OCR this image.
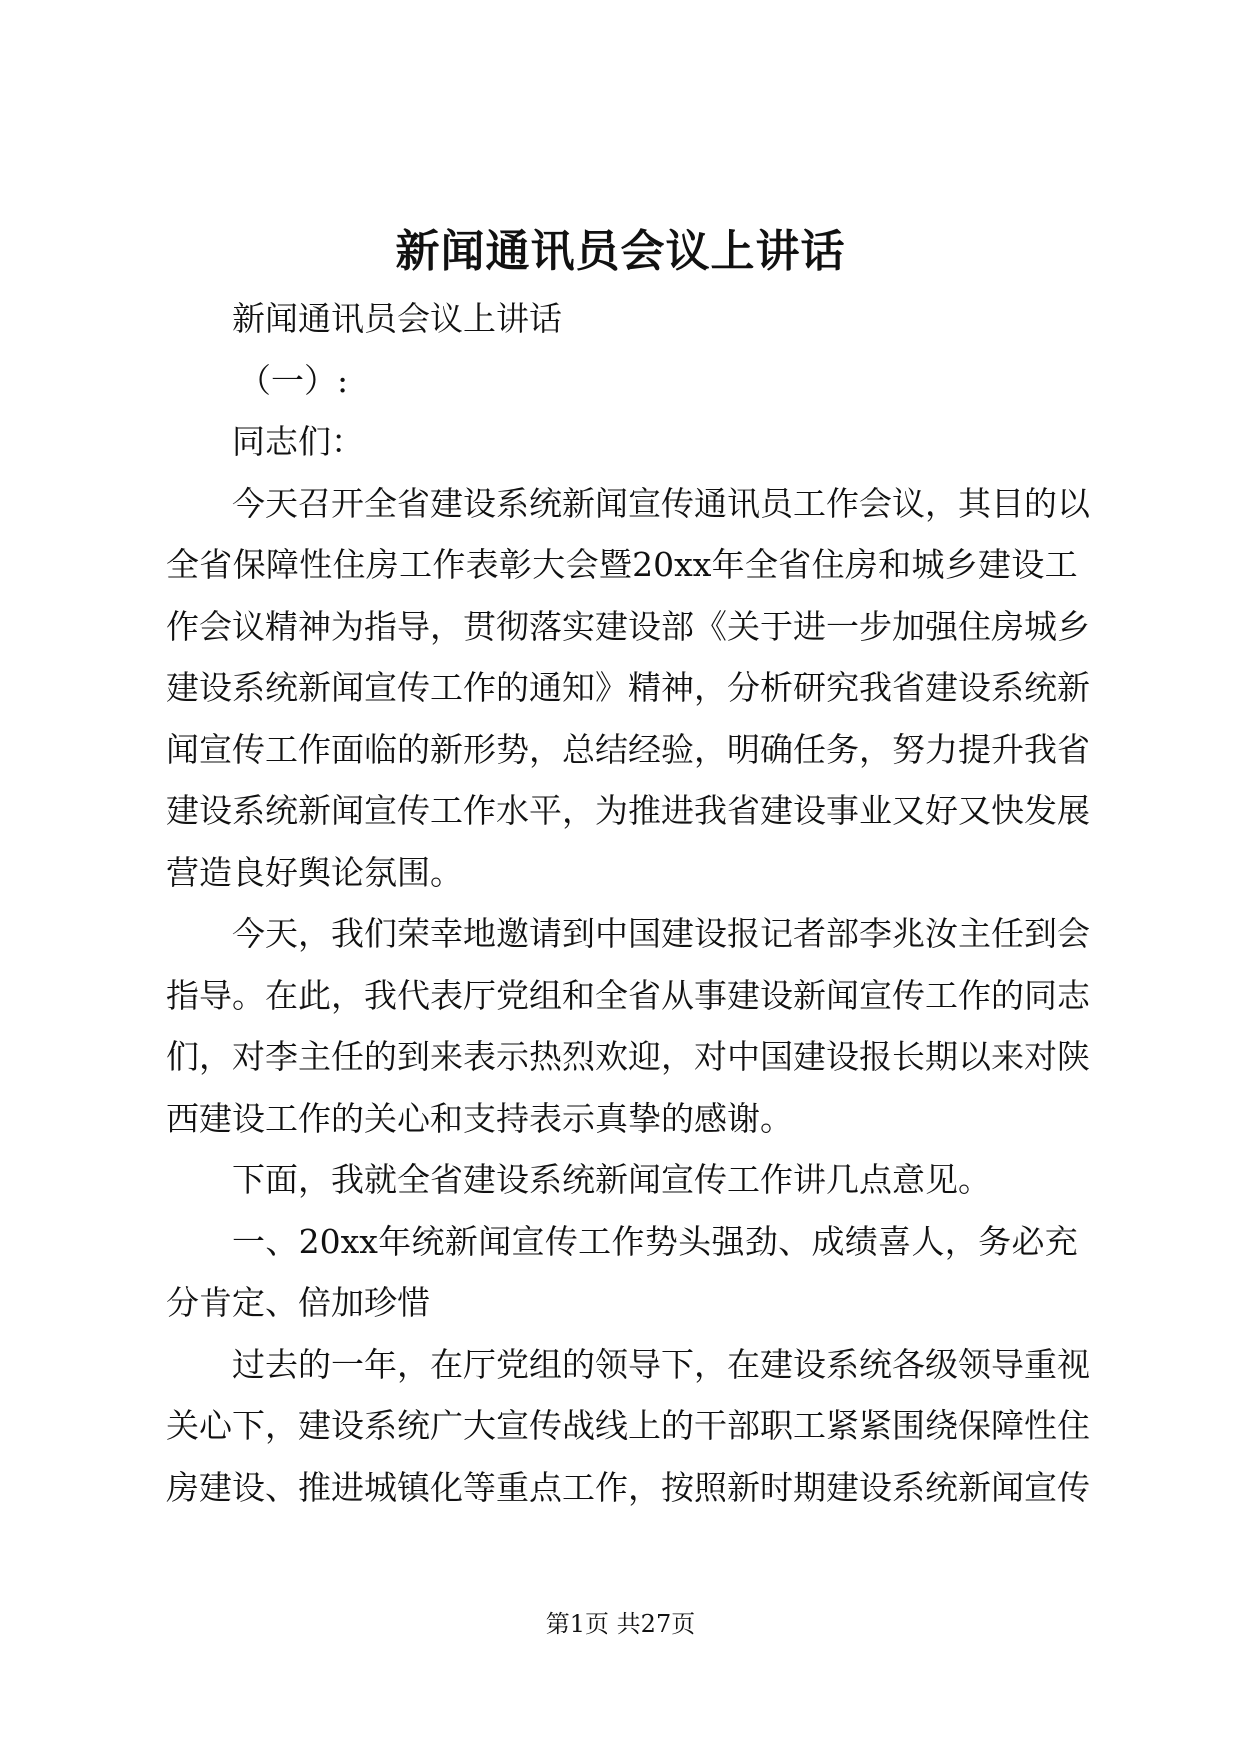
新闻通讯员会议上讲话

新闻通讯员会议上讲话

（一）:

同志们：

今 天 召 开 全 省 建 设 系 统 新 闻 宣 传 通 讯 员 工 作 会 议 ， 其 目 的 以

全 省 保 障 性 住 房 工 作 表 彰 大 会 暨 20xx 年 全 省 住 房 和 城 乡 建 设 工

作 会 议 精 神 为 指 导 ， 贯 彻 落 实 建 设 部 《 关 于 进 一 步 加 强 住 房 城 乡

建 设 系 统 新 闻 宣 传 工 作 的 通 知 》 精 神 ， 分 析 研 究 我 省 建 设 系 统 新

闻 宣 传 工 作 面 临 的 新 形 势 ， 总 结 经 验 ， 明 确 任 务 ， 努 力 提 升 我 省

建 设 系 统 新 闻 宣 传 工 作 水 平 ， 为 推 进 我 省 建 设 事 业 又 好 又 快 发 展

营造良好舆论氛围。

今 天 ， 我 们 荣 幸 地 邀 请 到 中 国 建 设 报 记 者 部 李 兆 汝 主 任 到 会

指 导 。 在 此 ， 我 代 表 厅 党 组 和 全 省 从 事 建 设 新 闻 宣 传 工 作 的 同 志

们 ， 对 李 主 任 的 到 来 表 示 热 烈 欢 迎 ， 对 中 国 建 设 报 长 期 以 来 对 陕

西建设工作的关心和支持表示真挚的感谢。

下面，我就全省建设系统新闻宣传工作讲几点意见。

一 、 20xx 年 统 新 闻 宣 传 工 作 势 头 强 劲 、 成 绩 喜 人 ， 务 必 充

分肯定、倍加珍惜

过 去 的 一 年 ， 在 厅 党 组 的 领 导 下 ， 在 建 设 系 统 各 级 领 导 重 视

关 心 下 ， 建 设 系 统 广 大 宣 传 战 线 上 的 干 部 职 工 紧 紧 围 绕 保 障 性 住

房 建 设 、 推 进 城 镇 化 等 重 点 工 作 ， 按 照 新 时 期 建 设 系 统 新 闻 宣 传

第1页 共27页
